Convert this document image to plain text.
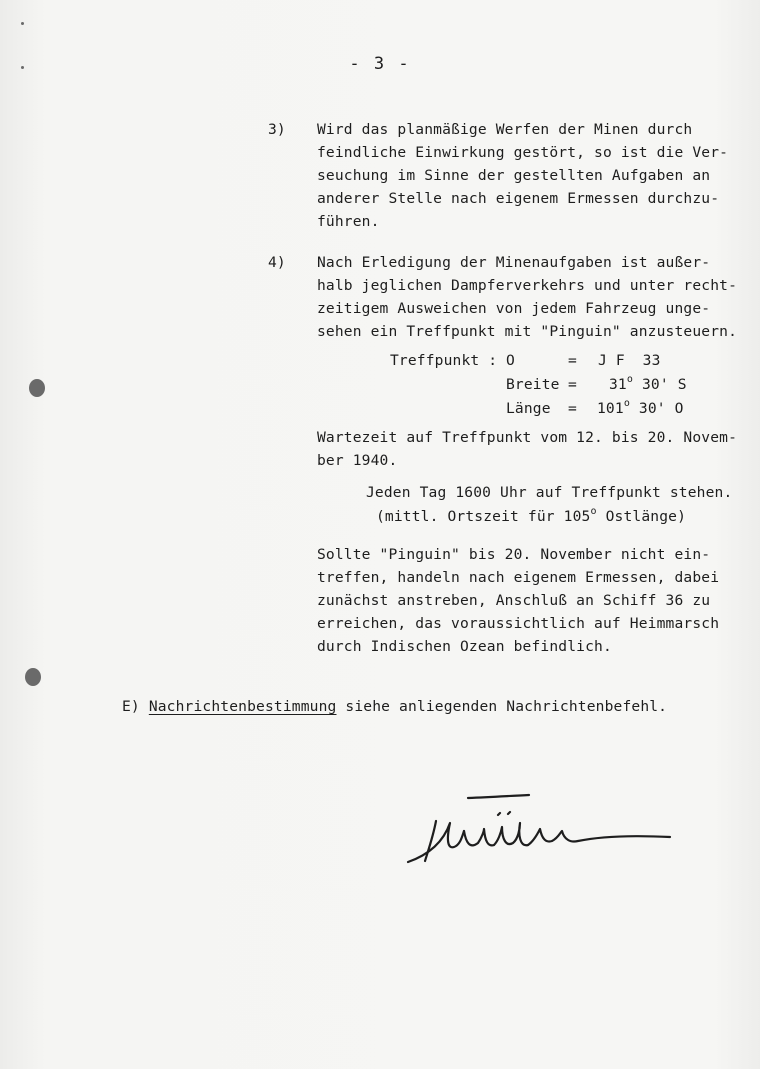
- 3 -

3) Wird das planmäßige Werfen der Minen durch
feindliche Einwirkung gestört, so ist die Ver-
seuchung im Sinne der gestellten Aufgaben an
anderer Stelle nach eigenem Ermessen durchzu-
führen.
4) Nach Erledigung der Minenaufgaben ist außer-
halb jeglichen Dampferverkehrs und unter recht-
zeitigem Ausweichen von jedem Fahrzeug unge-
sehen ein Treffpunkt mit "Pinguin" anzusteuern.
Treffpunkt : O	= J F  33
Breite = $31^o$ 30' S
Länge = $101^o$ 30' O
Wartezeit auf Treffpunkt vom 12. bis 20. Novem-
ber 1940.
Jeden Tag 1600 Uhr auf Treffpunkt stehen.
(mittl. Ortszeit für 105$^o$ Ostlänge)
Sollte "Pinguin" bis 20. November nicht ein-
treffen, handeln nach eigenem Ermessen, dabei
zunächst anstreben, Anschluß an Schiff 36 zu
erreichen, das voraussichtlich auf Heimmarsch
durch Indischen Ozean befindlich.
E) Nachrichtenbestimmung siehe anliegenden Nachrichtenbefehl.
